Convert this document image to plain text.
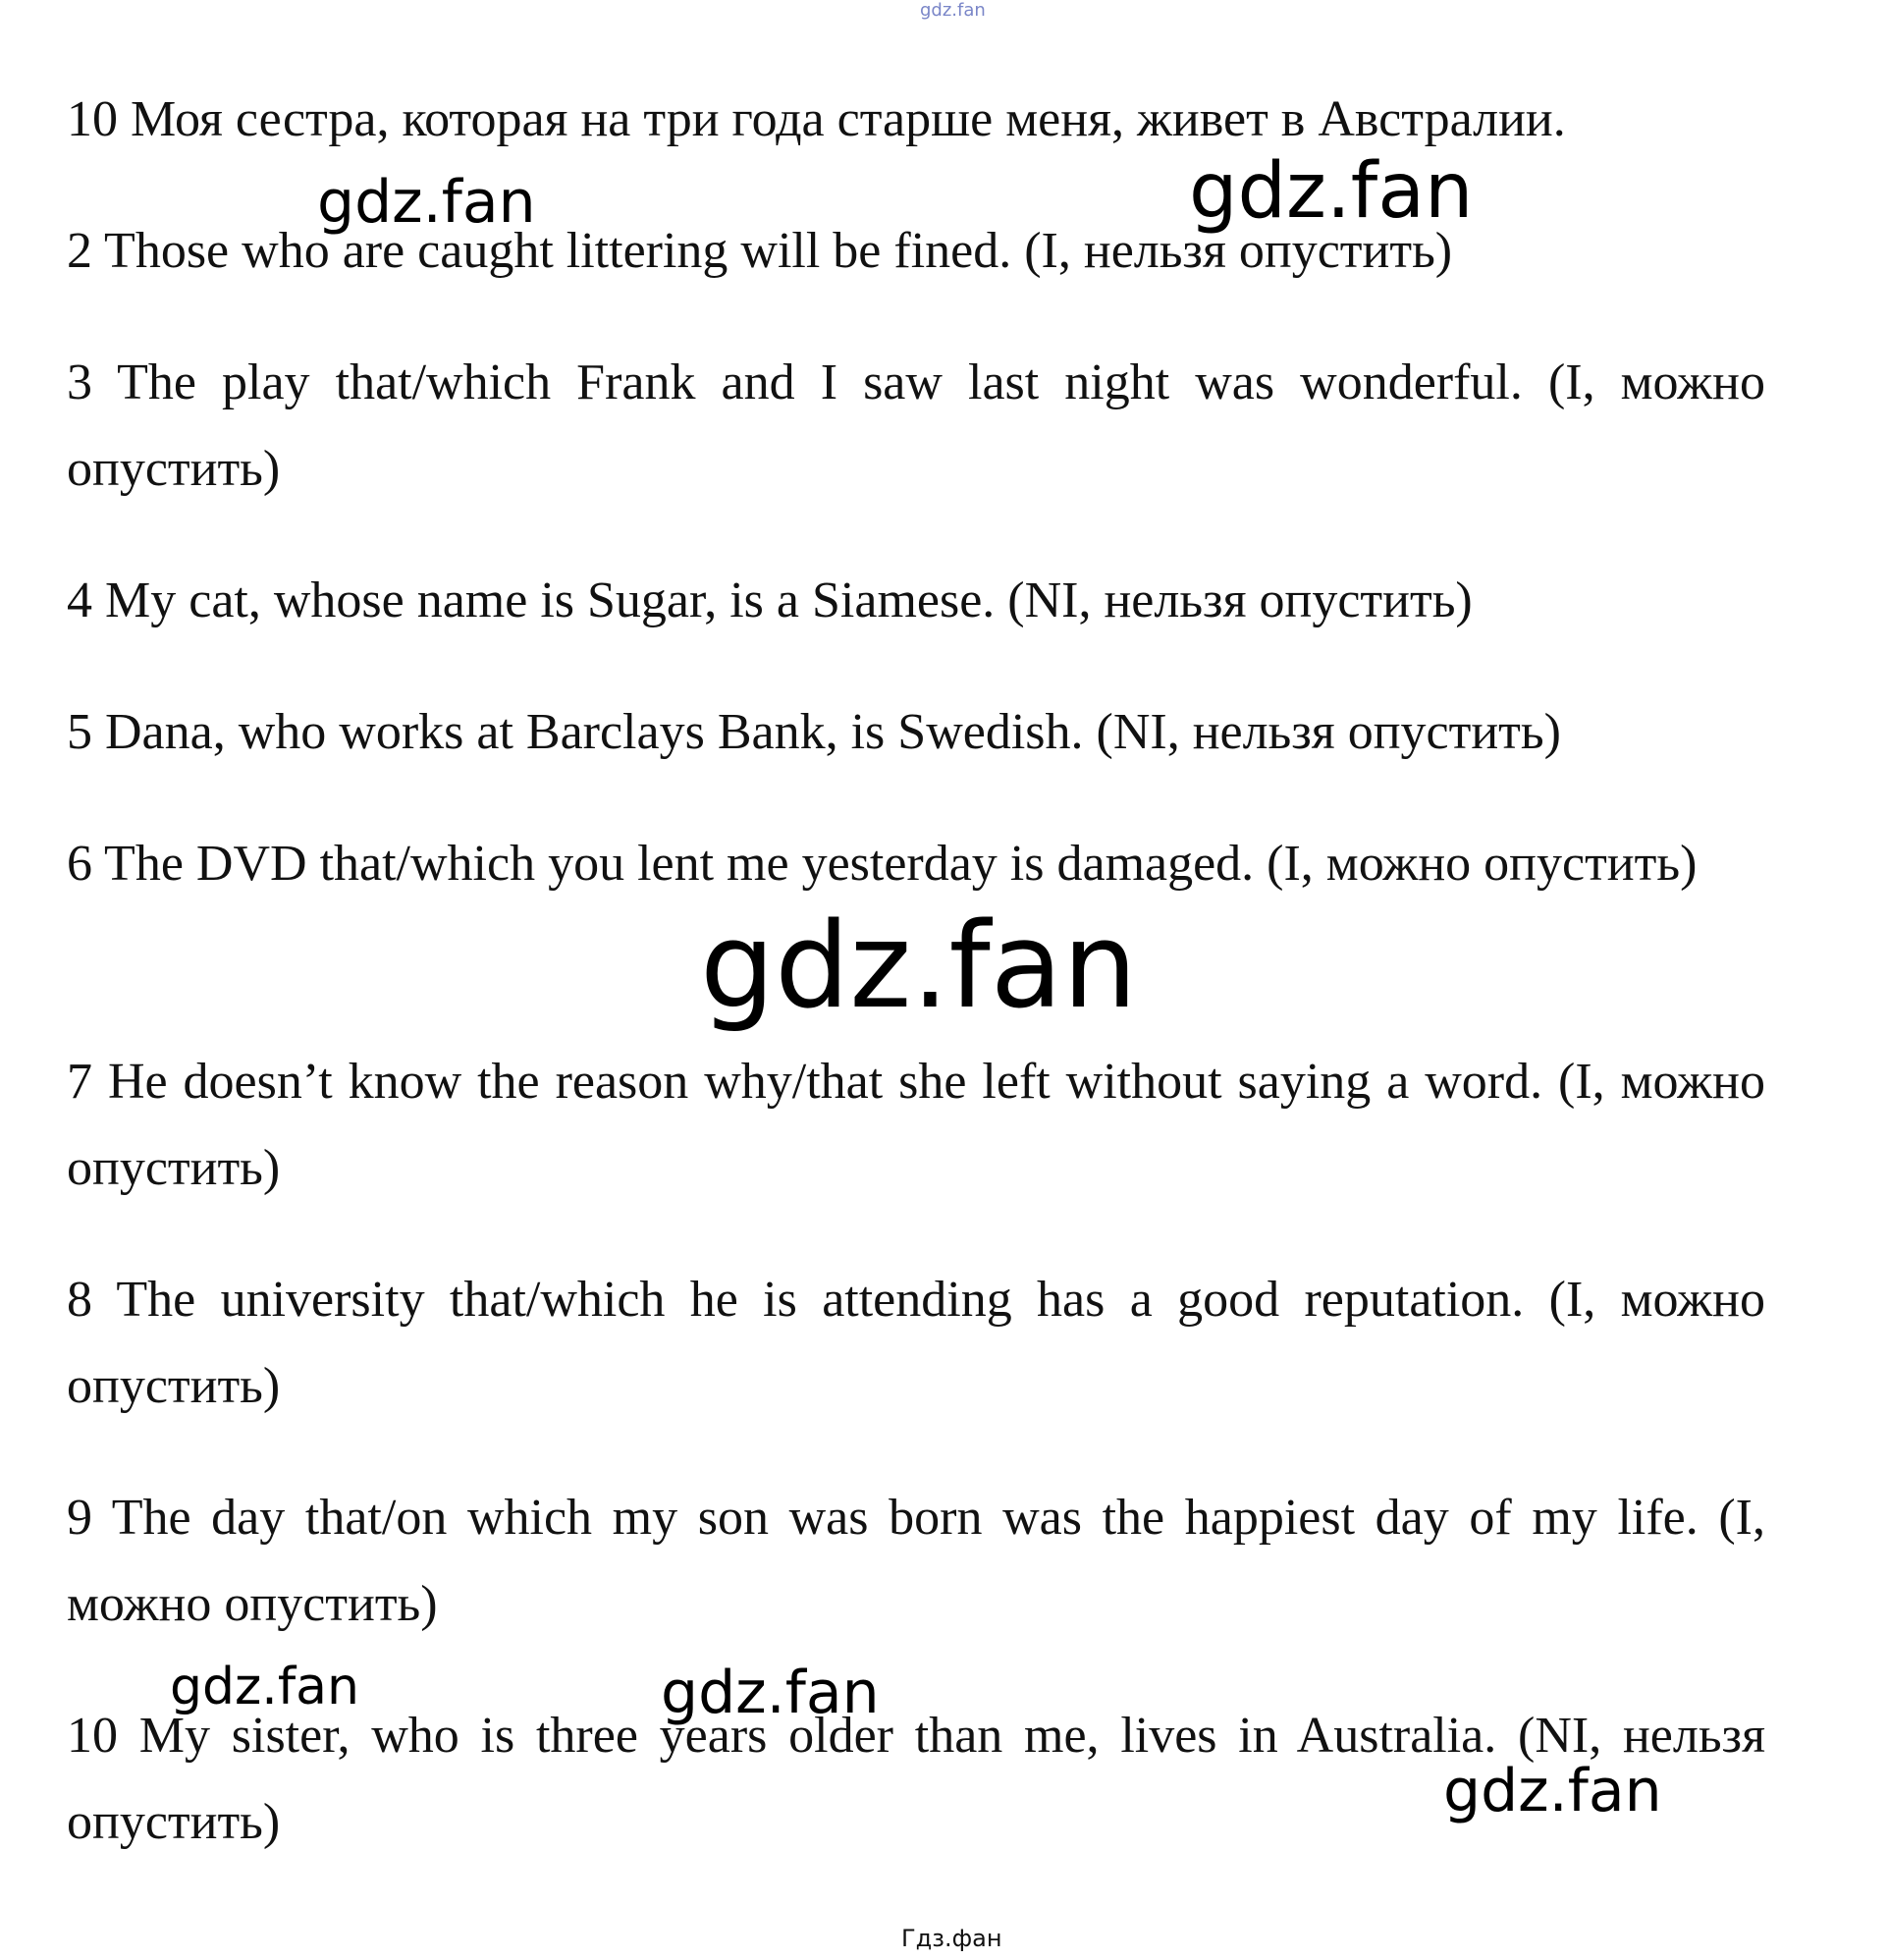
gdz.fan

10 Моя сестра, которая на три года старше меня, живет в Австралии.

2 Those who are caught littering will be fined. (I, нельзя опустить)

3 The play that/which Frank and I saw last night was wonderful. (I, можно опустить)

4 My cat, whose name is Sugar, is a Siamese. (NI, нельзя опустить)

5 Dana, who works at Barclays Bank, is Swedish. (NI, нельзя опустить)

6 The DVD that/which you lent me yesterday is damaged. (I, можно опустить)

7 He doesn’t know the reason why/that she left without saying a word. (I, можно опустить)

8 The university that/which he is attending has a good reputation. (I, можно опустить)

9 The day that/on which my son was born was the happiest day of my life. (I, можно опустить)

10 My sister, who is three years older than me, lives in Australia. (NI, нельзя опустить)

gdz.fan	gdz.fan
gdz.fan
gdz.fan	gdz.fan
gdz.fan
Гдз.фан
